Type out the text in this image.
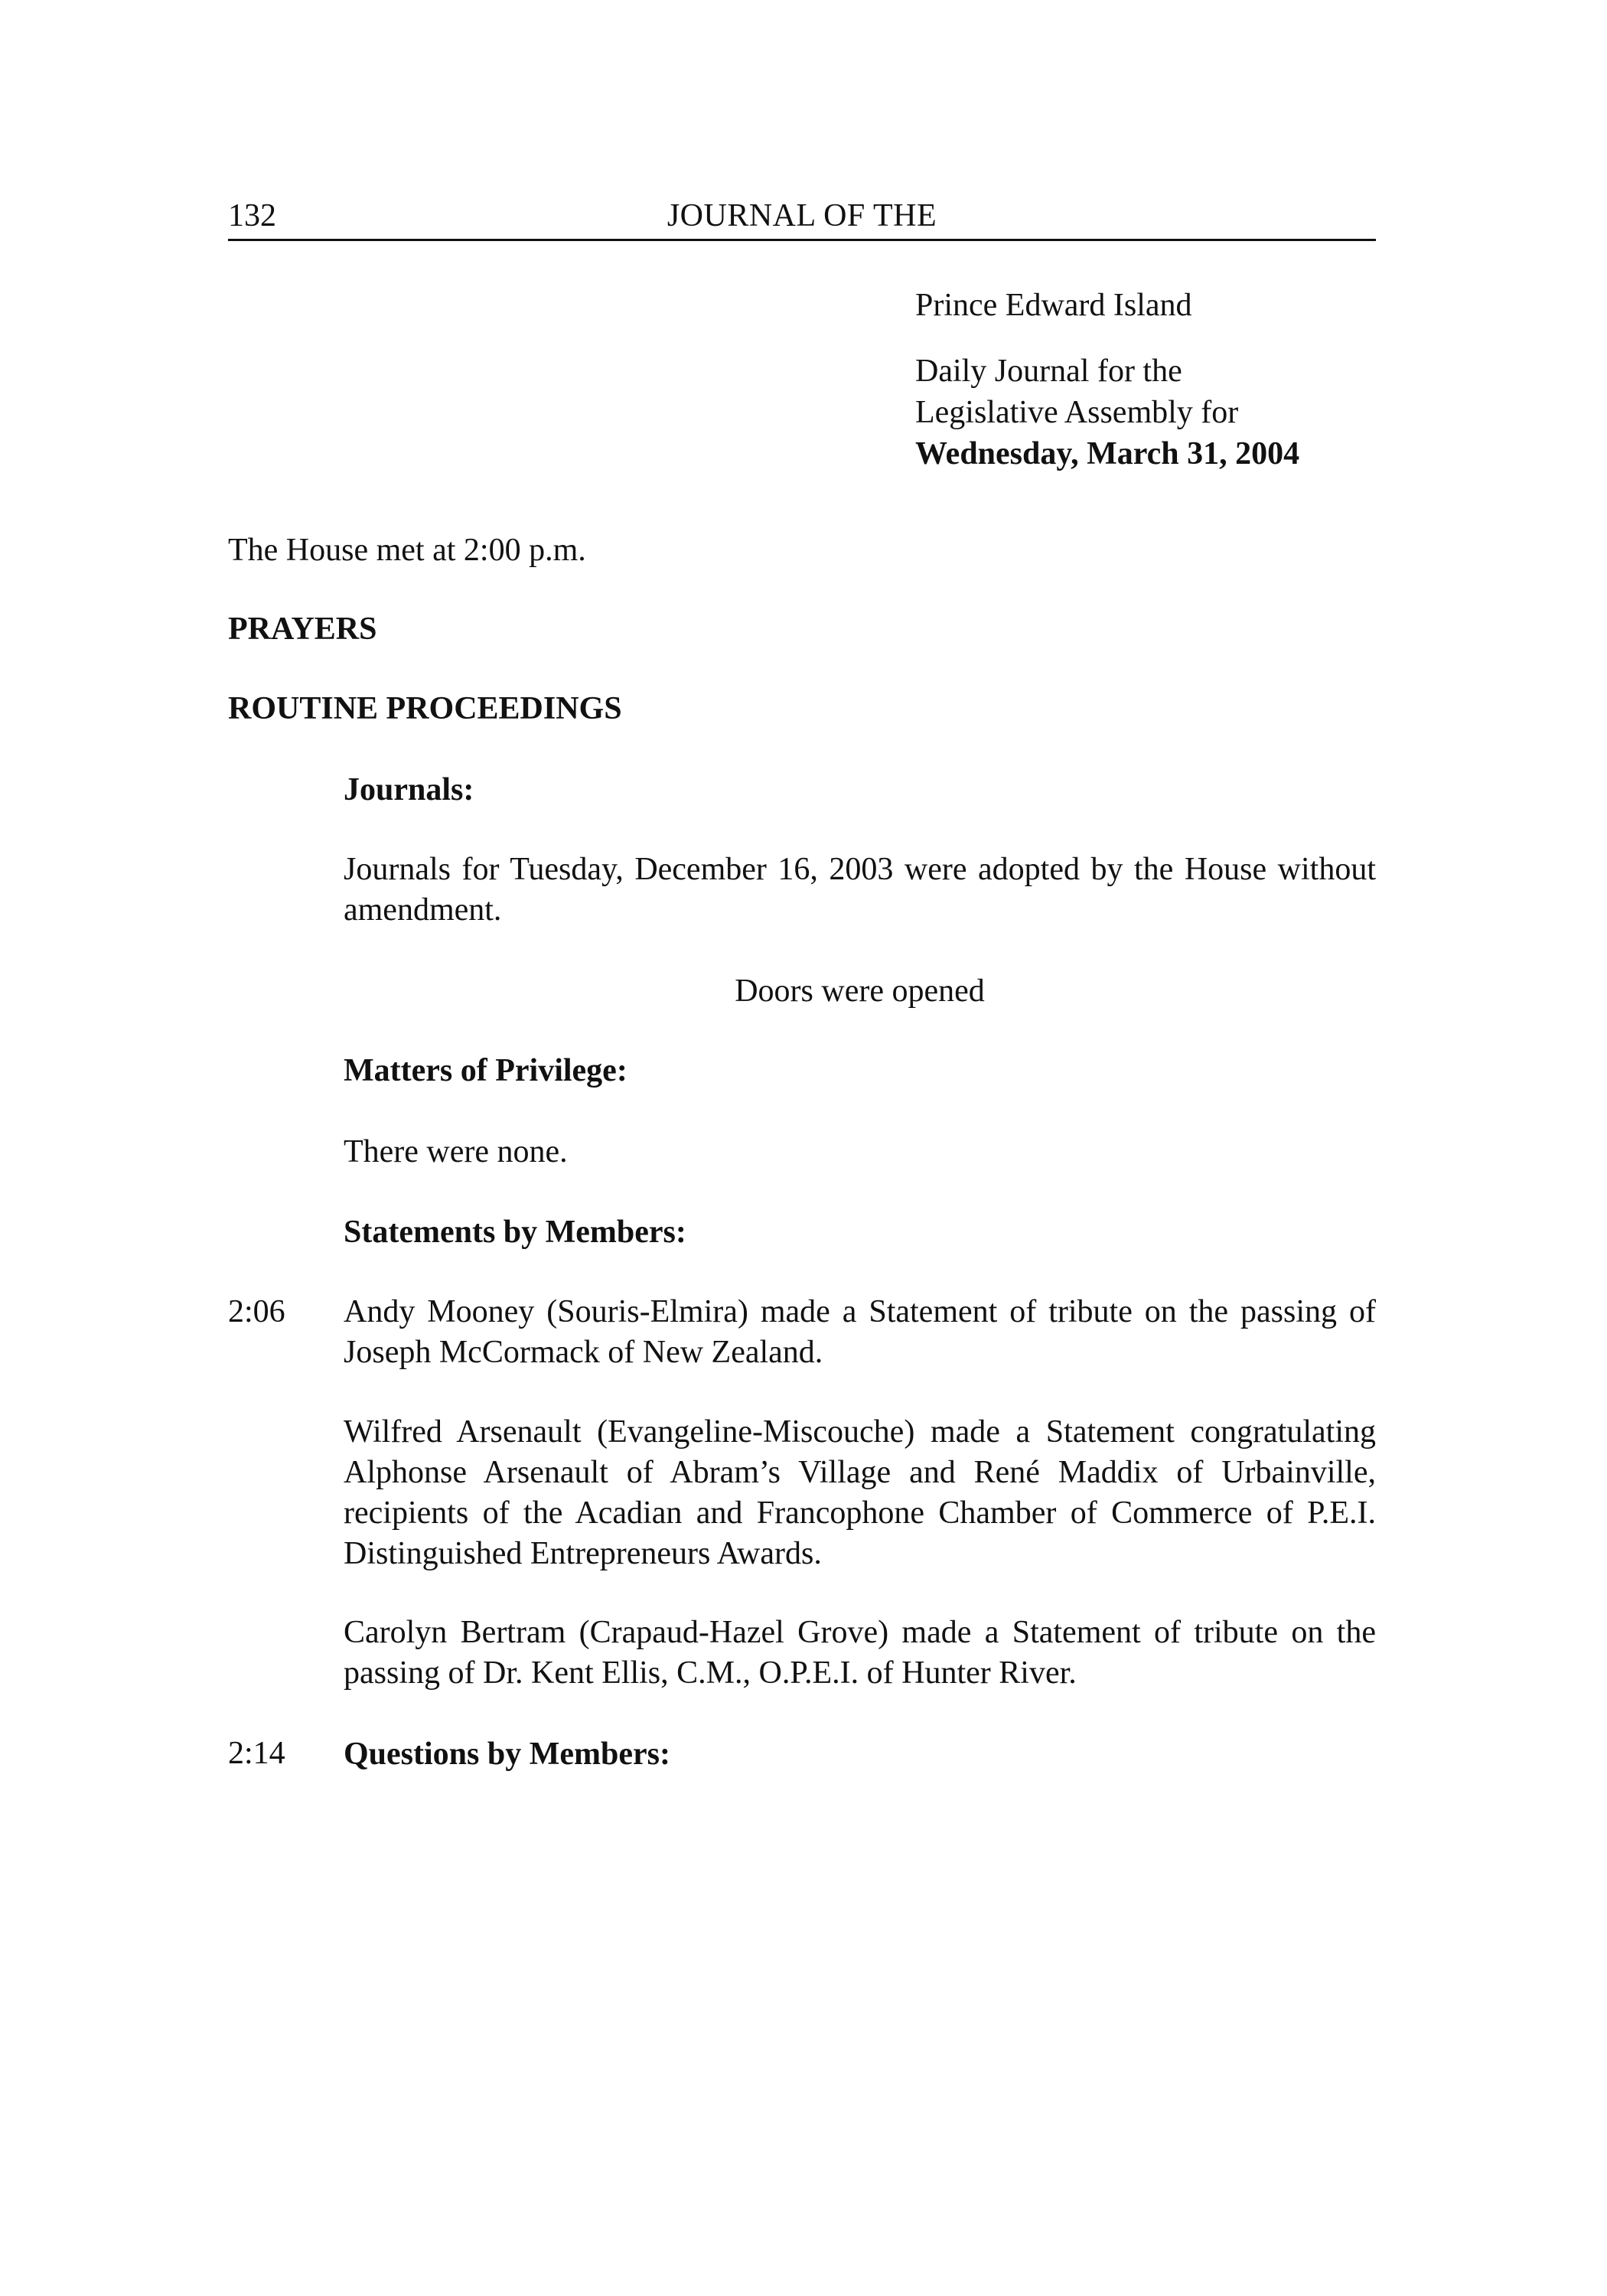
132	JOURNAL OF THE
Prince Edward Island
Daily Journal for the
Legislative Assembly for
Wednesday, March 31, 2004
The House met at 2:00 p.m.
PRAYERS
ROUTINE PROCEEDINGS
Journals:
Journals for Tuesday, December 16, 2003 were adopted by the House without amendment.
Doors were opened
Matters of Privilege:
There were none.
Statements by Members:
2:06 Andy Mooney (Souris-Elmira) made a Statement of tribute on the passing of Joseph McCormack of New Zealand.
Wilfred Arsenault (Evangeline-Miscouche) made a Statement congratulating Alphonse Arsenault of Abram’s Village and René Maddix of Urbainville, recipients of the Acadian and Francophone Chamber of Commerce of P.E.I. Distinguished Entrepreneurs Awards.
Carolyn Bertram (Crapaud-Hazel Grove) made a Statement of tribute on the passing of Dr. Kent Ellis, C.M., O.P.E.I. of Hunter River.
2:14 Questions by Members:
